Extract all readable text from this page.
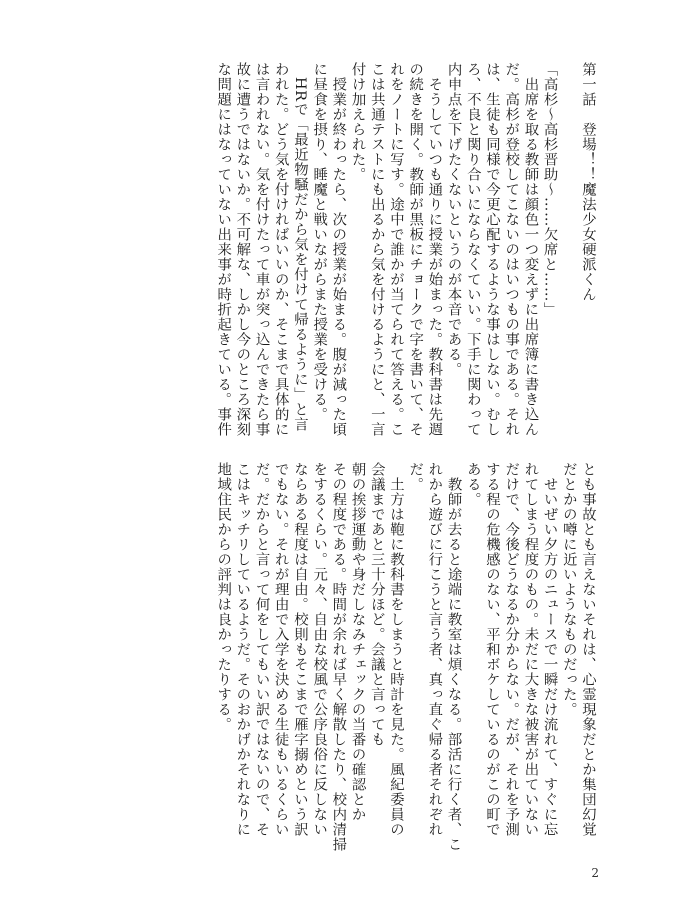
第一話　登場！！魔法少女硬派くん

「高杉〜高杉晋助〜……欠席と……」

　出席を取る教師は顔色一つ変えずに出席簿に書き込ん

だ。高杉が登校してこないのはいつもの事である。それ

は、生徒も同様で今更心配するような事はしない。むし

ろ、不良と関り合いにならなくていい。下手に関わって

内申点を下げたくないというのが本音である。

　そうしていつも通りに授業が始まった。教科書は先週

の続きを開く。教師が黒板にチョークで字を書いて、そ

れをノートに写す。途中で誰かが当てられて答える。こ

こは共通テストにも出るから気を付けるようにと、一言

付け加えられた。

　授業が終わったら、次の授業が始まる。腹が減った頃

に昼食を摂り、睡魔と戦いながらまた授業を受ける。

　HRで「最近物騒だから気を付けて帰るように」と言

われた。どう気を付ければいいのか、そこまで具体的に

は言われない。気を付けたって車が突っ込んできたら事

故に遭うではないか。不可解な、しかし今のところ深刻

な問題にはなっていない出来事が時折起きている。事件

とも事故とも言えないそれは、心霊現象だとか集団幻覚

だとかの噂に近いようなものだった。

　せいぜい夕方のニュースで一瞬だけ流れて、すぐに忘

れてしまう程度のもの。未だに大きな被害が出ていない

だけで、今後どうなるか分からない。だが、それを予測

する程の危機感のない、平和ボケしているのがこの町で

ある。

　教師が去ると途端に教室は煩くなる。部活に行く者、こ

れから遊びに行こうと言う者、真っ直ぐ帰る者それぞれ

だ。

　土方は鞄に教科書をしまうと時計を見た。風紀委員の

会議まであと三十分ほど。会議と言っても

朝の挨拶運動や身だしなみチェックの当番の確認とか

その程度である。時間が余れば早く解散したり、校内清掃

をするくらい。元々、自由な校風で公序良俗に反しない

ならある程度は自由。校則もそこまで雁字搦めという訳

でもない。それが理由で入学を決める生徒もいるくらい

だ。だからと言って何をしてもいい訳ではないので、そ

こはキッチリしているようだ。そのおかげかそれなりに

地域住民からの評判は良かったりする。

2
